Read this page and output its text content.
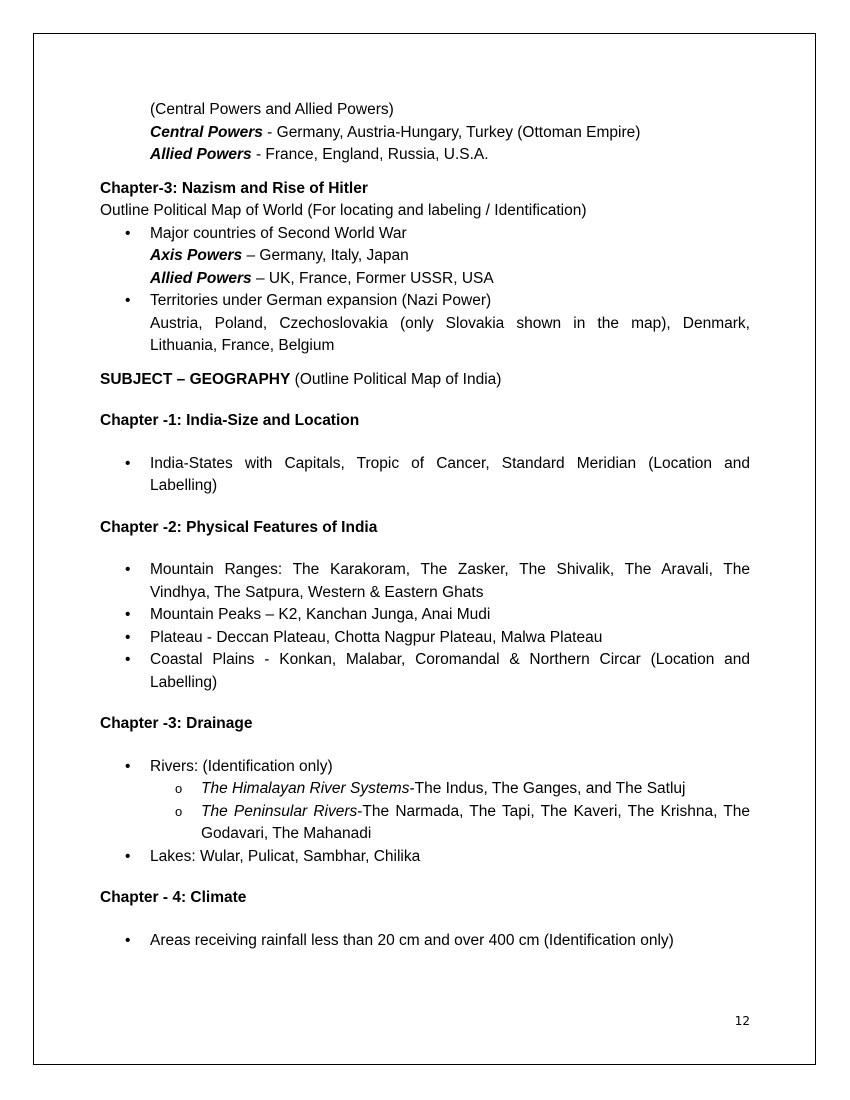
(Central Powers and Allied Powers)
Central Powers - Germany, Austria-Hungary, Turkey (Ottoman Empire)
Allied Powers - France, England, Russia, U.S.A.
Chapter-3: Nazism and Rise of Hitler
Outline Political Map of World (For locating and labeling / Identification)
• Major countries of Second World War
Axis Powers – Germany, Italy, Japan
Allied Powers – UK, France, Former USSR, USA
• Territories under German expansion (Nazi Power)
Austria, Poland, Czechoslovakia (only Slovakia shown in the map), Denmark,
Lithuania, France, Belgium
SUBJECT – GEOGRAPHY (Outline Political Map of India)
Chapter -1: India-Size and Location
• India-States with Capitals, Tropic of Cancer, Standard Meridian (Location and Labelling)
Chapter -2: Physical Features of India
• Mountain Ranges: The Karakoram, The Zasker, The Shivalik, The Aravali, The Vindhya, The Satpura, Western & Eastern Ghats
• Mountain Peaks – K2, Kanchan Junga, Anai Mudi
• Plateau - Deccan Plateau, Chotta Nagpur Plateau, Malwa Plateau
• Coastal Plains - Konkan, Malabar, Coromandal & Northern Circar (Location and Labelling)
Chapter -3: Drainage
• Rivers: (Identification only)
o The Himalayan River Systems-The Indus, The Ganges, and The Satluj
o The Peninsular Rivers-The Narmada, The Tapi, The Kaveri, The Krishna, The Godavari, The Mahanadi
• Lakes: Wular, Pulicat, Sambhar, Chilika
Chapter - 4: Climate
• Areas receiving rainfall less than 20 cm and over 400 cm (Identification only)
12
